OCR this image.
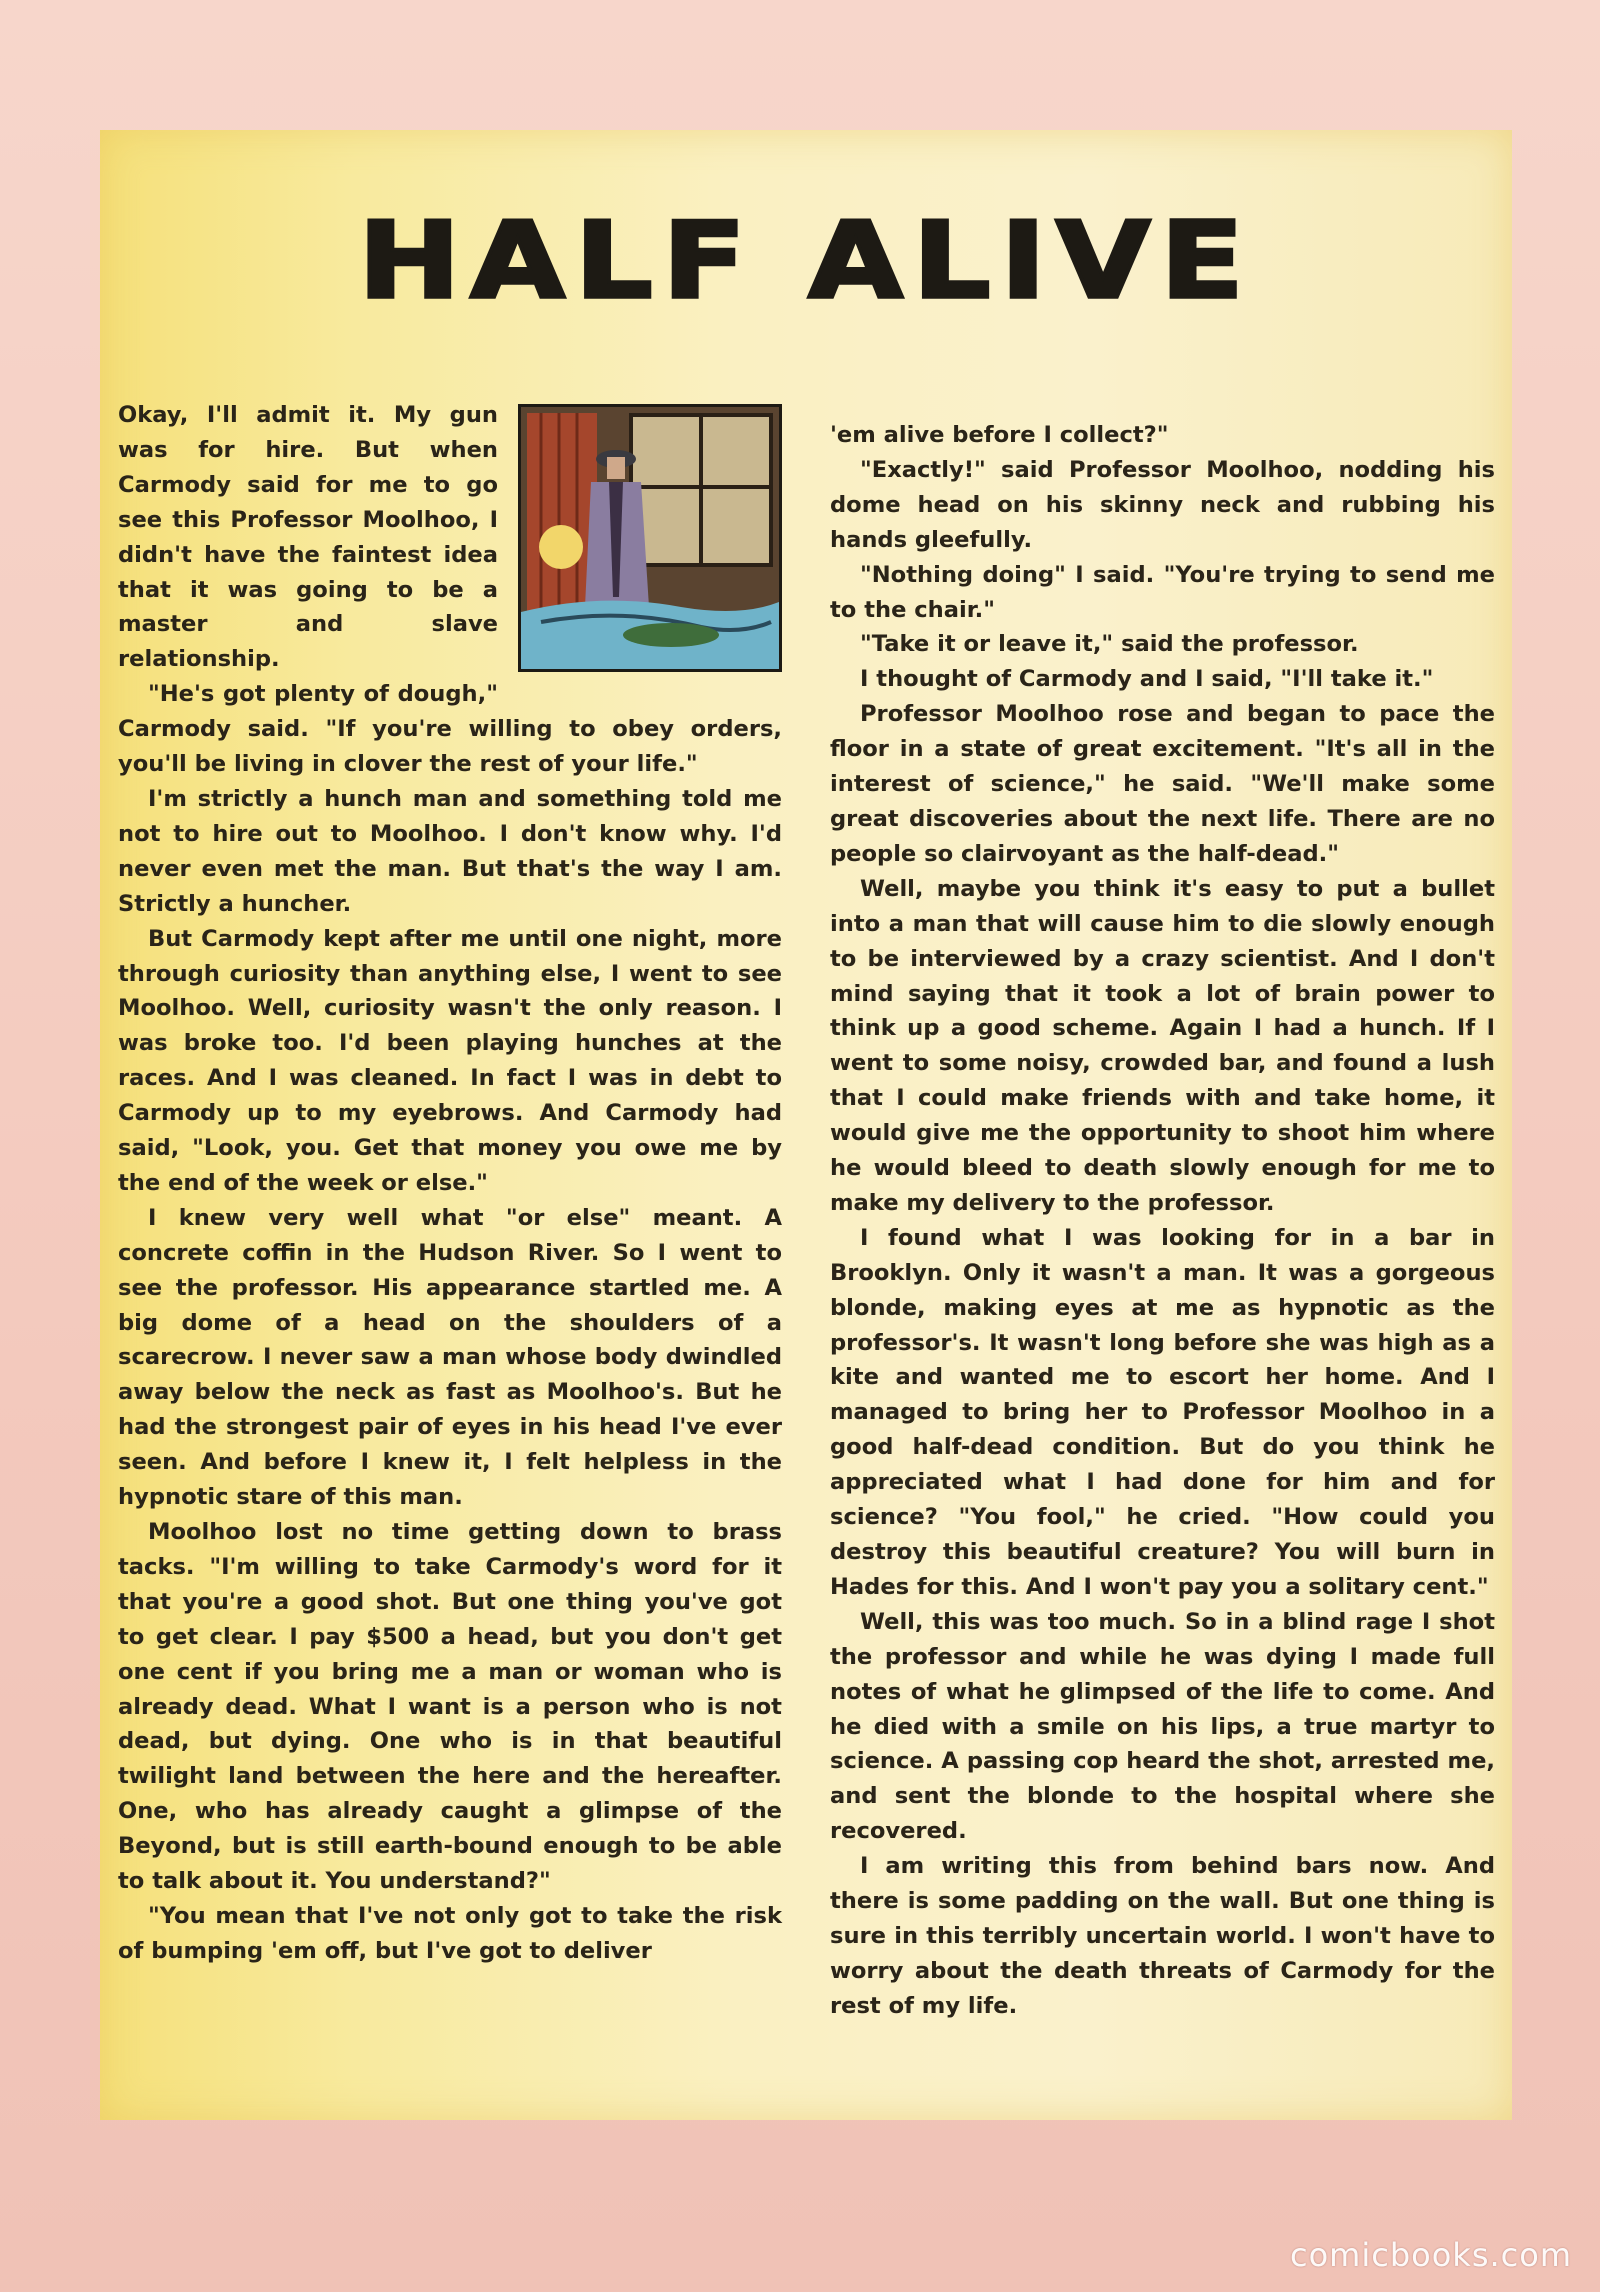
HALF ALIVE

Okay, I'll admit it. My gun was for hire. But when Carmody said for me to go see this Professor Moolhoo, I didn't have the faintest idea that it was going to be a master and slave relationship.

"He's got plenty of dough," Carmody said. "If you're willing to obey orders, you'll be living in clover the rest of your life."

I'm strictly a hunch man and something told me not to hire out to Moolhoo. I don't know why. I'd never even met the man. But that's the way I am. Strictly a huncher.

But Carmody kept after me until one night, more through curiosity than anything else, I went to see Moolhoo. Well, curiosity wasn't the only reason. I was broke too. I'd been playing hunches at the races. And I was cleaned. In fact I was in debt to Carmody up to my eyebrows. And Carmody had said, "Look, you. Get that money you owe me by the end of the week or else."

I knew very well what "or else" meant. A concrete coffin in the Hudson River. So I went to see the professor. His appearance startled me. A big dome of a head on the shoulders of a scarecrow. I never saw a man whose body dwindled away below the neck as fast as Moolhoo's. But he had the strongest pair of eyes in his head I've ever seen. And before I knew it, I felt helpless in the hypnotic stare of this man.

Moolhoo lost no time getting down to brass tacks. "I'm willing to take Carmody's word for it that you're a good shot. But one thing you've got to get clear. I pay $500 a head, but you don't get one cent if you bring me a man or woman who is already dead. What I want is a person who is not dead, but dying. One who is in that beautiful twilight land between the here and the hereafter. One, who has already caught a glimpse of the Beyond, but is still earth-bound enough to be able to talk about it. You understand?"

"You mean that I've not only got to take the risk of bumping 'em off, but I've got to deliver

'em alive before I collect?"

"Exactly!" said Professor Moolhoo, nodding his dome head on his skinny neck and rubbing his hands gleefully.

"Nothing doing" I said. "You're trying to send me to the chair."

"Take it or leave it," said the professor.

I thought of Carmody and I said, "I'll take it."

Professor Moolhoo rose and began to pace the floor in a state of great excitement. "It's all in the interest of science," he said. "We'll make some great discoveries about the next life. There are no people so clairvoyant as the half-dead."

Well, maybe you think it's easy to put a bullet into a man that will cause him to die slowly enough to be interviewed by a crazy scientist. And I don't mind saying that it took a lot of brain power to think up a good scheme. Again I had a hunch. If I went to some noisy, crowded bar, and found a lush that I could make friends with and take home, it would give me the opportunity to shoot him where he would bleed to death slowly enough for me to make my delivery to the professor.

I found what I was looking for in a bar in Brooklyn. Only it wasn't a man. It was a gorgeous blonde, making eyes at me as hypnotic as the professor's. It wasn't long before she was high as a kite and wanted me to escort her home. And I managed to bring her to Professor Moolhoo in a good half-dead condition. But do you think he appreciated what I had done for him and for science? "You fool," he cried. "How could you destroy this beautiful creature? You will burn in Hades for this. And I won't pay you a solitary cent."

Well, this was too much. So in a blind rage I shot the professor and while he was dying I made full notes of what he glimpsed of the life to come. And he died with a smile on his lips, a true martyr to science. A passing cop heard the shot, arrested me, and sent the blonde to the hospital where she recovered.

I am writing this from behind bars now. And there is some padding on the wall. But one thing is sure in this terribly uncertain world. I won't have to worry about the death threats of Carmody for the rest of my life.

comicbooks.com
